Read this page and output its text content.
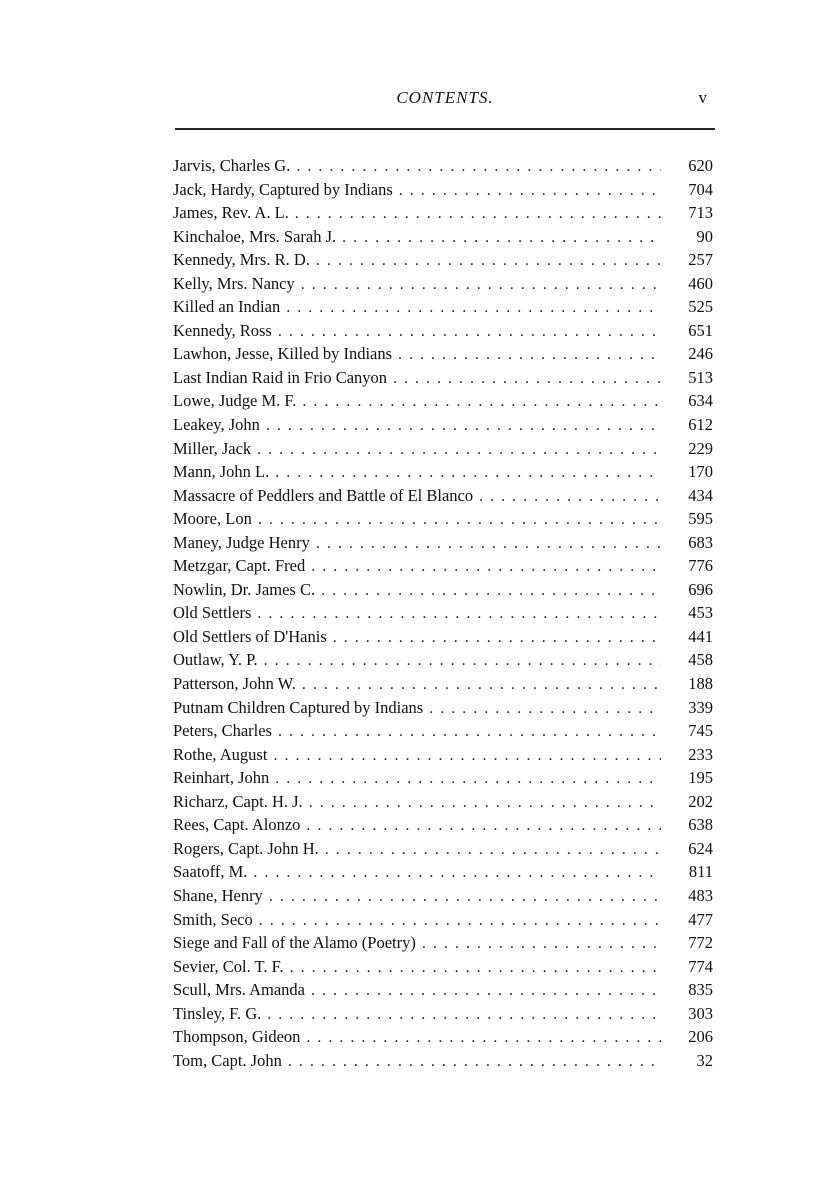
CONTENTS.	v
Jarvis, Charles G. . . .	620
Jack, Hardy, Captured by Indians . . .	704
James, Rev. A. L. . . .	713
Kinchaloe, Mrs. Sarah J. . . .	90
Kennedy, Mrs. R. D. . . .	257
Kelly, Mrs. Nancy . . .	460
Killed an Indian . . .	525
Kennedy, Ross . . .	651
Lawhon, Jesse, Killed by Indians . . .	246
Last Indian Raid in Frio Canyon . . .	513
Lowe, Judge M. F. . . .	634
Leakey, John . . .	612
Miller, Jack . . .	229
Mann, John L. . . .	170
Massacre of Peddlers and Battle of El Blanco . . .	434
Moore, Lon . . .	595
Maney, Judge Henry . . .	683
Metzgar, Capt. Fred . . .	776
Nowlin, Dr. James C. . . .	696
Old Settlers . . .	453
Old Settlers of D'Hanis . . .	441
Outlaw, Y. P. . . .	458
Patterson, John W. . . .	188
Putnam Children Captured by Indians . . .	339
Peters, Charles . . .	745
Rothe, August . . .	233
Reinhart, John . . .	195
Richarz, Capt. H. J. . . .	202
Rees, Capt. Alonzo . . .	638
Rogers, Capt. John H. . . .	624
Saatoff, M. . . .	811
Shane, Henry . . .	483
Smith, Seco . . .	477
Siege and Fall of the Alamo (Poetry) . . .	772
Sevier, Col. T. F. . . .	774
Scull, Mrs. Amanda . . .	835
Tinsley, F. G. . . .	303
Thompson, Gideon . . .	206
Tom, Capt. John . . .	32
